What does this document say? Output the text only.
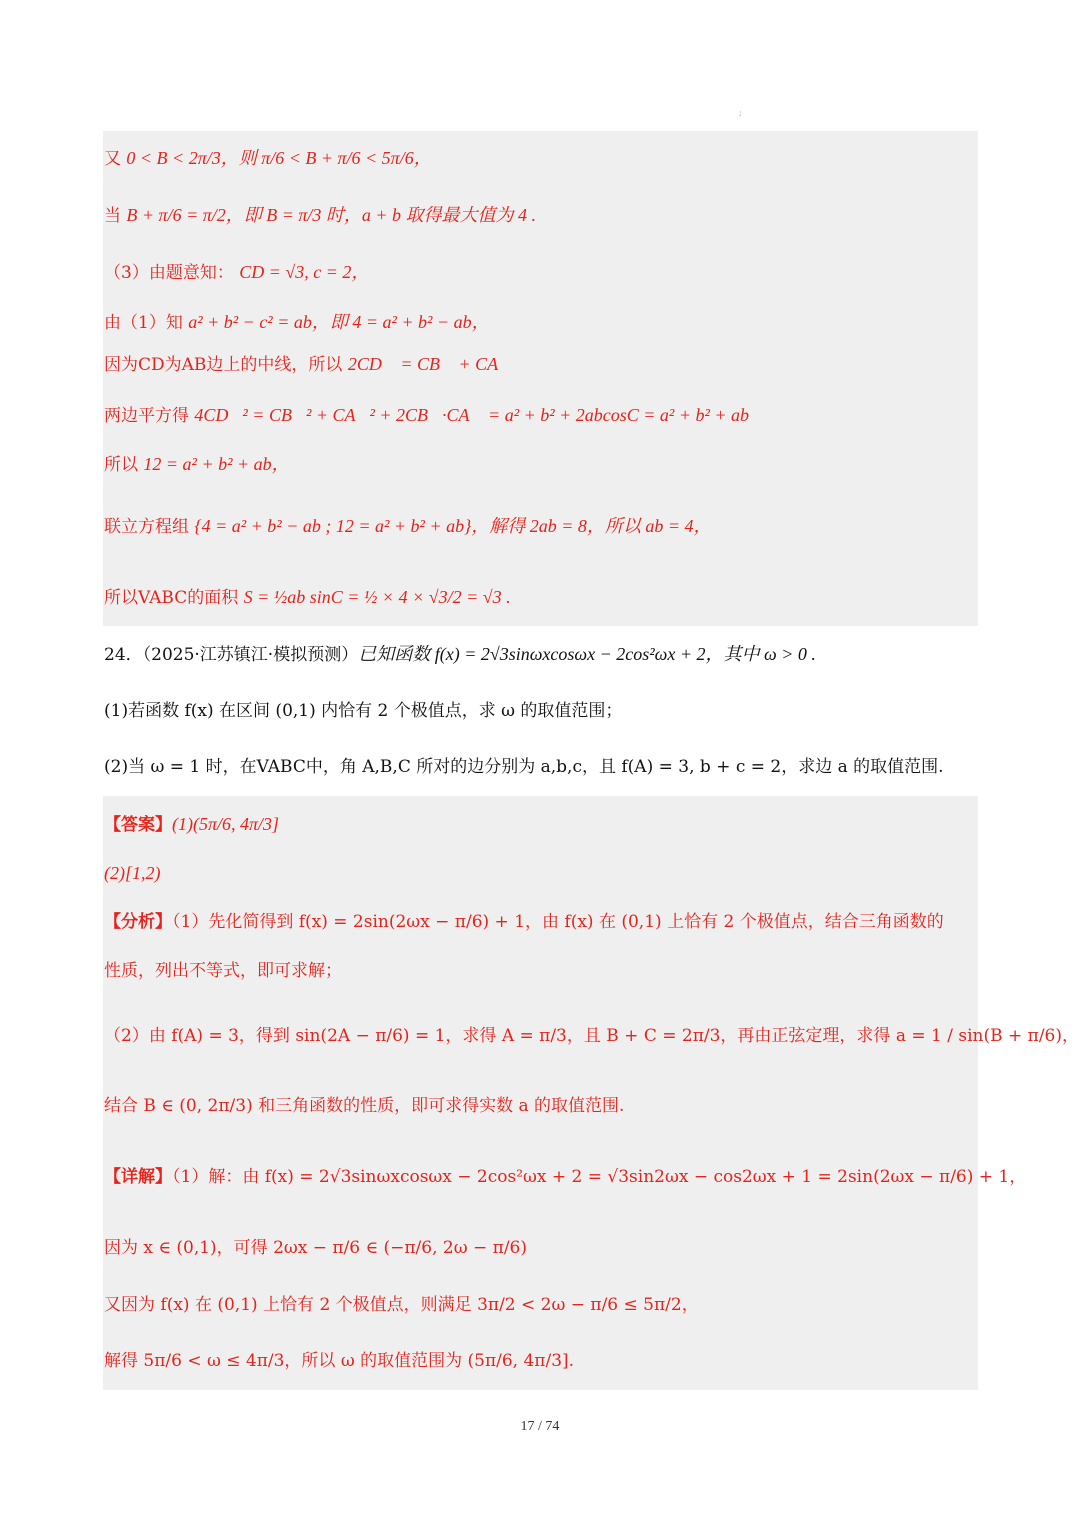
;
又 0 < B < 2π/3，则 π/6 < B + π/6 < 5π/6，
当 B + π/6 = π/2，即 B = π/3 时，a + b 取得最大值为 4 .
（3）由题意知： CD = √3, c = 2，
由（1）知 a² + b² − c² = ab，即 4 = a² + b² − ab，
因为CD为AB边上的中线，所以 2CD⃗ = CB⃗ + CA⃗，
两边平方得 4CD⃗² = CB⃗² + CA⃗² + 2CB⃗·CA⃗ = a² + b² + 2abcosC = a² + b² + ab，
所以 12 = a² + b² + ab，
联立方程组 {4 = a² + b² − ab ; 12 = a² + b² + ab}，解得 2ab = 8，所以 ab = 4，
所以VABC的面积 S = ½ab sinC = ½ × 4 × √3/2 = √3 .
24．（2025·江苏镇江·模拟预测）已知函数 f(x) = 2√3sinωxcosωx − 2cos²ωx + 2，其中 ω > 0 .
(1)若函数 f(x) 在区间 (0,1) 内恰有 2 个极值点，求 ω 的取值范围；
(2)当 ω = 1 时，在VABC中，角 A,B,C 所对的边分别为 a,b,c，且 f(A) = 3, b + c = 2，求边 a 的取值范围.
【答案】(1)(5π/6, 4π/3]
(2)[1,2)
【分析】（1）先化简得到 f(x) = 2sin(2ωx − π/6) + 1，由 f(x) 在 (0,1) 上恰有 2 个极值点，结合三角函数的
性质，列出不等式，即可求解；
（2）由 f(A) = 3，得到 sin(2A − π/6) = 1，求得 A = π/3，且 B + C = 2π/3，再由正弦定理，求得 a = 1 / sin(B + π/6)，
结合 B ∈ (0, 2π/3) 和三角函数的性质，即可求得实数 a 的取值范围.
【详解】（1）解：由 f(x) = 2√3sinωxcosωx − 2cos²ωx + 2 = √3sin2ωx − cos2ωx + 1 = 2sin(2ωx − π/6) + 1，
因为 x ∈ (0,1)，可得 2ωx − π/6 ∈ (−π/6, 2ω − π/6)
又因为 f(x) 在 (0,1) 上恰有 2 个极值点，则满足 3π/2 < 2ω − π/6 ≤ 5π/2，
解得 5π/6 < ω ≤ 4π/3，所以 ω 的取值范围为 (5π/6, 4π/3].
17 / 74
